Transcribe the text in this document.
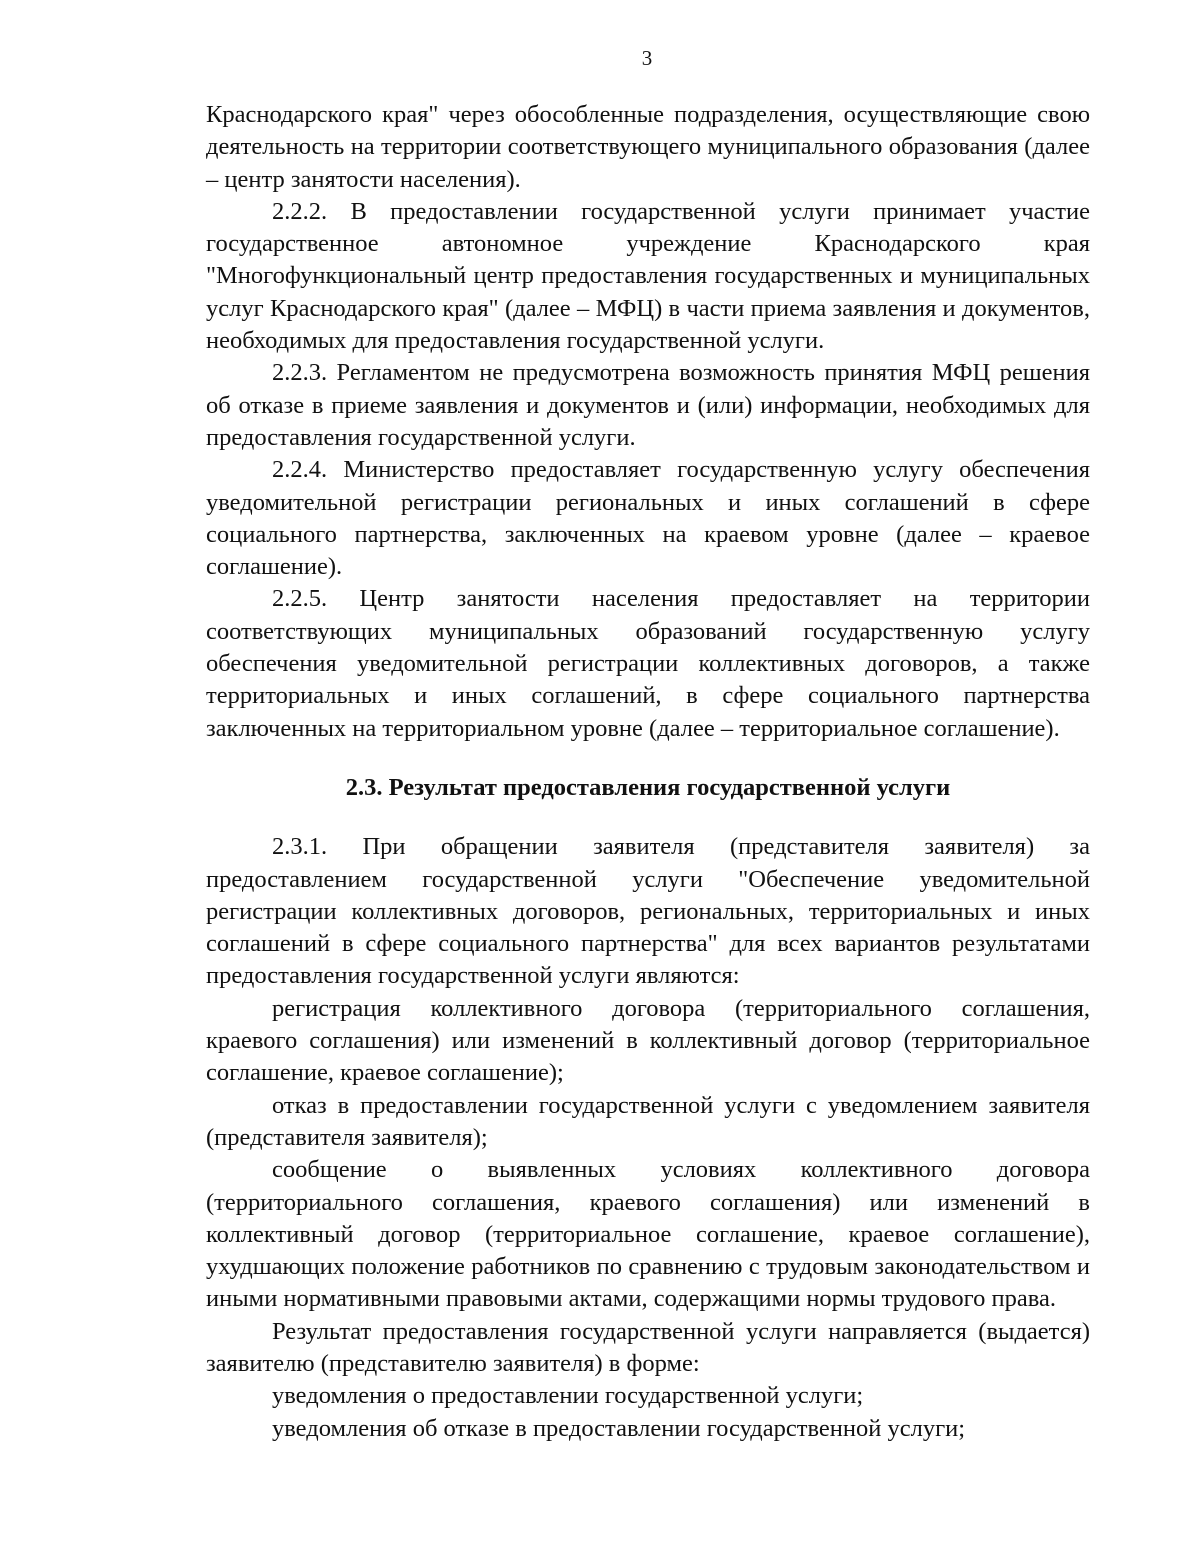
3

Краснодарского края" через обособленные подразделения, осуществляющие свою деятельность на территории соответствующего муниципального образования (далее – центр занятости населения).

2.2.2. В предоставлении государственной услуги принимает участие государственное автономное учреждение Краснодарского края "Многофункциональный центр предоставления государственных и муниципальных услуг Краснодарского края" (далее – МФЦ) в части приема заявления и документов, необходимых для предоставления государственной услуги.

2.2.3. Регламентом не предусмотрена возможность принятия МФЦ решения об отказе в приеме заявления и документов и (или) информации, необходимых для предоставления государственной услуги.

2.2.4. Министерство предоставляет государственную услугу обеспечения уведомительной регистрации региональных и иных соглашений в сфере социального партнерства, заключенных на краевом уровне (далее – краевое соглашение).

2.2.5. Центр занятости населения предоставляет на территории соответствующих муниципальных образований государственную услугу обеспечения уведомительной регистрации коллективных договоров, а также территориальных и иных соглашений, в сфере социального партнерства заключенных на территориальном уровне (далее – территориальное соглашение).

2.3. Результат предоставления государственной услуги

2.3.1. При обращении заявителя (представителя заявителя) за предоставлением государственной услуги "Обеспечение уведомительной регистрации коллективных договоров, региональных, территориальных и иных соглашений в сфере социального партнерства" для всех вариантов результатами предоставления государственной услуги являются:

регистрация коллективного договора (территориального соглашения, краевого соглашения) или изменений в коллективный договор (территориальное соглашение, краевое соглашение);

отказ в предоставлении государственной услуги с уведомлением заявителя (представителя заявителя);

сообщение о выявленных условиях коллективного договора (территориального соглашения, краевого соглашения) или изменений в коллективный договор (территориальное соглашение, краевое соглашение), ухудшающих положение работников по сравнению с трудовым законодательством и иными нормативными правовыми актами, содержащими нормы трудового права.

Результат предоставления государственной услуги направляется (выдается) заявителю (представителю заявителя) в форме:

уведомления о предоставлении государственной услуги;

уведомления об отказе в предоставлении государственной услуги;
